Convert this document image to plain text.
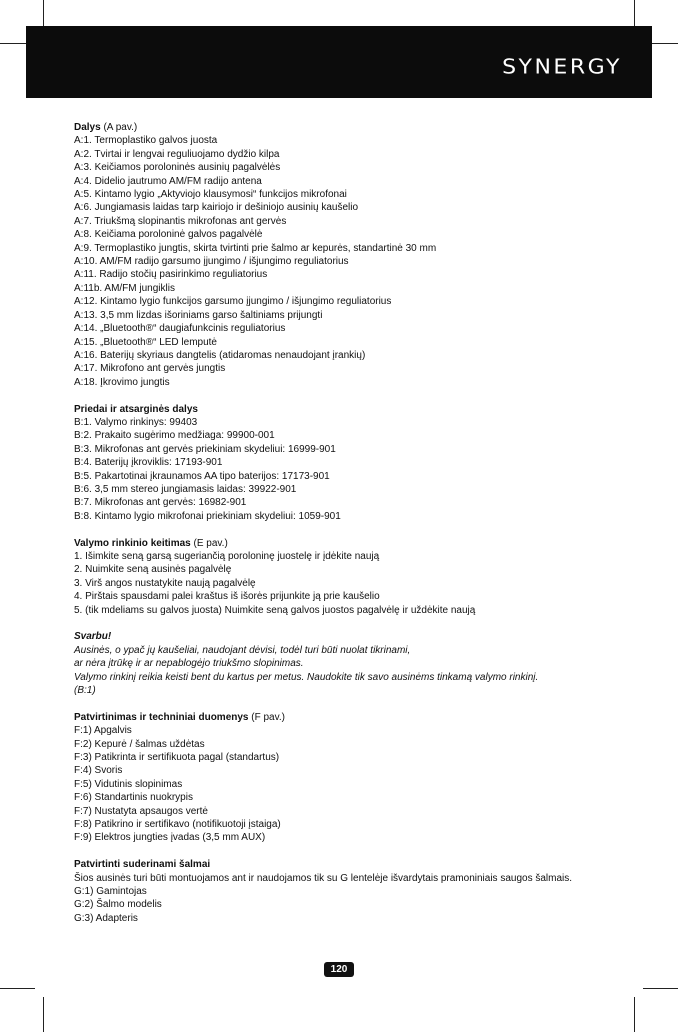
SYNERGY
Dalys (A pav.)
A:1. Termoplastiko galvos juosta
A:2. Tvirtai ir lengvai reguliuojamo dydžio kilpa
A:3. Keičiamos poroloninės ausinių pagalvėlės
A:4. Didelio jautrumo AM/FM radijo antena
A:5. Kintamo lygio „Aktyviojo klausymosi“ funkcijos mikrofonai
A:6. Jungiamasis laidas tarp kairiojo ir dešiniojo ausinių kaušelio
A:7. Triukšmą slopinantis mikrofonas ant gervės
A:8. Keičiama poroloninė galvos pagalvėlė
A:9. Termoplastiko jungtis, skirta tvirtinti prie šalmo ar kepurės, standartinė 30 mm
A:10. AM/FM radijo garsumo įjungimo / išjungimo reguliatorius
A:11. Radijo stočių pasirinkimo reguliatorius
A:11b. AM/FM jungiklis
A:12. Kintamo lygio funkcijos garsumo įjungimo / išjungimo reguliatorius
A:13. 3,5 mm lizdas išoriniams garso šaltiniams prijungti
A:14. „Bluetooth®“ daugiafunkcinis reguliatorius
A:15. „Bluetooth®“ LED lemputė
A:16. Baterijų skyriaus dangtelis (atidaromas nenaudojant įrankių)
A:17. Mikrofono ant gervės jungtis
A:18. Įkrovimo jungtis
Priedai ir atsarginės dalys
B:1. Valymo rinkinys: 99403
B:2. Prakaito sugėrimo medžiaga: 99900-001
B:3. Mikrofonas ant gervės priekiniam skydeliui: 16999-901
B:4. Baterijų įkroviklis: 17193-901
B:5. Pakartotinai įkraunamos AA tipo baterijos: 17173-901
B:6. 3,5 mm stereo jungiamasis laidas: 39922-901
B:7. Mikrofonas ant gervės: 16982-901
B:8. Kintamo lygio mikrofonai priekiniam skydeliui: 1059-901
Valymo rinkinio keitimas (E pav.)
1. Išimkite seną garsą sugeriančią poroloninę juostelę ir įdėkite naują
2. Nuimkite seną ausinės pagalvėlę
3. Virš angos nustatykite naują pagalvėlę
4. Pirštais spausdami palei kraštus iš išorės prijunkite ją prie kaušelio
5. (tik mdeliams su galvos juosta) Nuimkite seną galvos juostos pagalvėlę ir uždėkite naują
Svarbu!
Ausinės, o ypač jų kaušeliai, naudojant dėvisi, todėl turi būti nuolat tikrinami,
ar nėra įtrūkę ir ar nepablogėjo triukšmo slopinimas.
Valymo rinkinį reikia keisti bent du kartus per metus. Naudokite tik savo ausinėms tinkamą valymo rinkinį.
(B:1)
Patvirtinimas ir techniniai duomenys (F pav.)
F:1) Apgalvis
F:2) Kepurė / šalmas uždėtas
F:3) Patikrinta ir sertifikuota pagal (standartus)
F:4) Svoris
F:5) Vidutinis slopinimas
F:6) Standartinis nuokrypis
F:7) Nustatyta apsaugos vertė
F:8) Patikrino ir sertifikavo (notifikuotoji įstaiga)
F:9) Elektros jungties įvadas (3,5 mm AUX)
Patvirtinti suderinami šalmai
Šios ausinės turi būti montuojamos ant ir naudojamos tik su G lentelėje išvardytais pramoniniais saugos šalmais.
G:1) Gamintojas
G:2) Šalmo modelis
G:3) Adapteris
120
